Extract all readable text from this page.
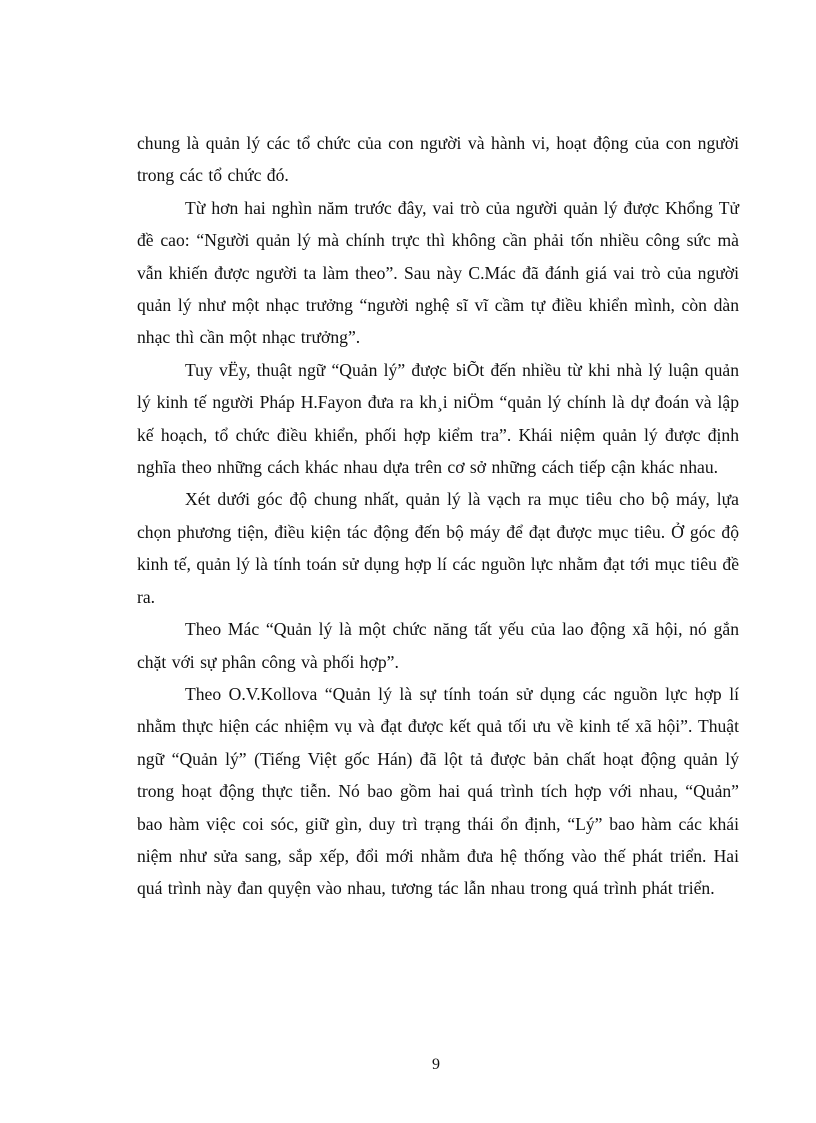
chung là quản lý các tổ chức của con người và hành vi, hoạt động của con người trong các tổ chức đó.

Từ hơn hai nghìn năm trước đây, vai trò của người quản lý được Khổng Tử đề cao: “Người quản lý mà chính trực thì không cần phải tốn nhiều công sức mà vẫn khiến được người ta làm theo”. Sau này C.Mác đã đánh giá vai trò của người quản lý như một nhạc trưởng “người nghệ sĩ vĩ cầm tự điều khiển mình, còn dàn nhạc thì cần một nhạc trưởng”.

Tuy vËy, thuật ngữ “Quản lý” được biÕt đến nhiều từ khi nhà lý luận quản lý kinh tế người Pháp H.Fayon đưa ra kh¸i niÖm “quản lý chính là dự đoán và lập kế hoạch, tổ chức điều khiển, phối hợp kiểm tra”. Khái niệm quản lý được định nghĩa theo những cách khác nhau dựa trên cơ sở những cách tiếp cận khác nhau.

Xét dưới góc độ chung nhất, quản lý là vạch ra mục tiêu cho bộ máy, lựa chọn phương tiện, điều kiện tác động đến bộ máy để đạt được mục tiêu. Ở góc độ kinh tế, quản lý là tính toán sử dụng hợp lí các nguồn lực nhằm đạt tới mục tiêu đề ra.

Theo Mác “Quản lý là một chức năng tất yếu của lao động xã hội, nó gắn chặt với sự phân công và phối hợp”.

Theo O.V.Kollova “Quản lý là sự tính toán sử dụng các nguồn lực hợp lí nhằm thực hiện các nhiệm vụ và đạt được kết quả tối ưu về kinh tế xã hội”. Thuật ngữ “Quản lý” (Tiếng Việt gốc Hán) đã lột tả được bản chất hoạt động quản lý trong hoạt động thực tiễn. Nó bao gồm hai quá trình tích hợp với nhau, “Quản” bao hàm việc coi sóc, giữ gìn, duy trì trạng thái ổn định, “Lý” bao hàm các khái niệm như sửa sang, sắp xếp, đổi mới nhằm đưa hệ thống vào thế phát triển. Hai quá trình này đan quyện vào nhau, tương tác lẫn nhau trong quá trình phát triển.

9
